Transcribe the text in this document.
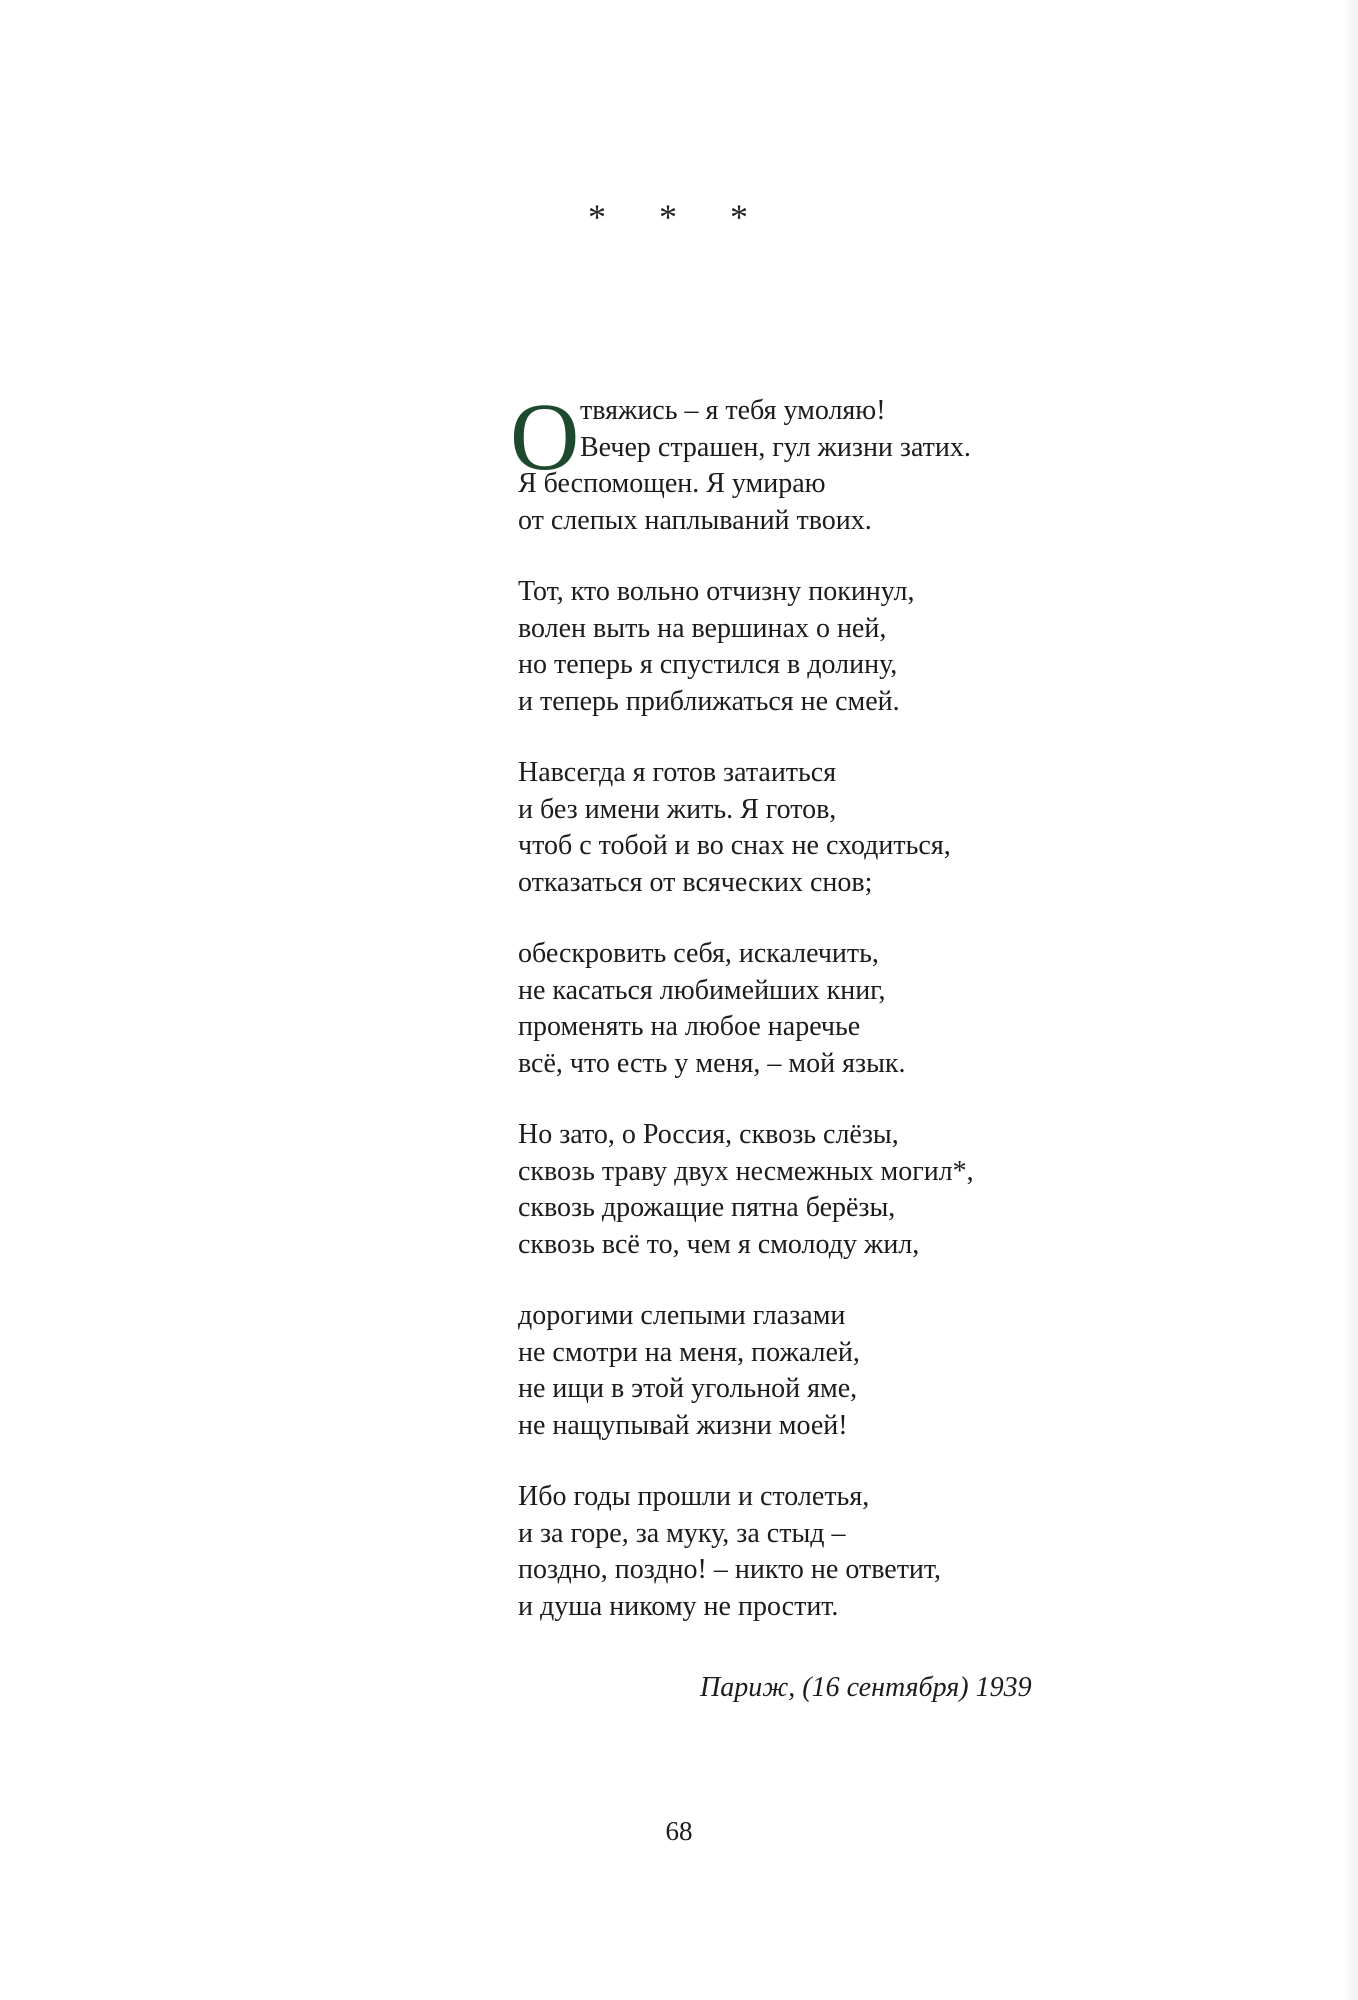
* * *
О твяжись – я тебя умоляю!
Вечер страшен, гул жизни затих.
Я беспомощен. Я умираю
от слепых наплываний твоих.
Тот, кто вольно отчизну покинул,
волен выть на вершинах о ней,
но теперь я спустился в долину,
и теперь приближаться не смей.
Навсегда я готов затаиться
и без имени жить. Я готов,
чтоб с тобой и во снах не сходиться,
отказаться от всяческих снов;
обескровить себя, искалечить,
не касаться любимейших книг,
променять на любое наречье
всё, что есть у меня, – мой язык.
Но зато, о Россия, сквозь слёзы,
сквозь траву двух несмежных могил*,
сквозь дрожащие пятна берёзы,
сквозь всё то, чем я смолоду жил,
дорогими слепыми глазами
не смотри на меня, пожалей,
не ищи в этой угольной яме,
не нащупывай жизни моей!
Ибо годы прошли и столетья,
и за горе, за муку, за стыд –
поздно, поздно! – никто не ответит,
и душа никому не простит.
Париж, (16 сентября) 1939
68
